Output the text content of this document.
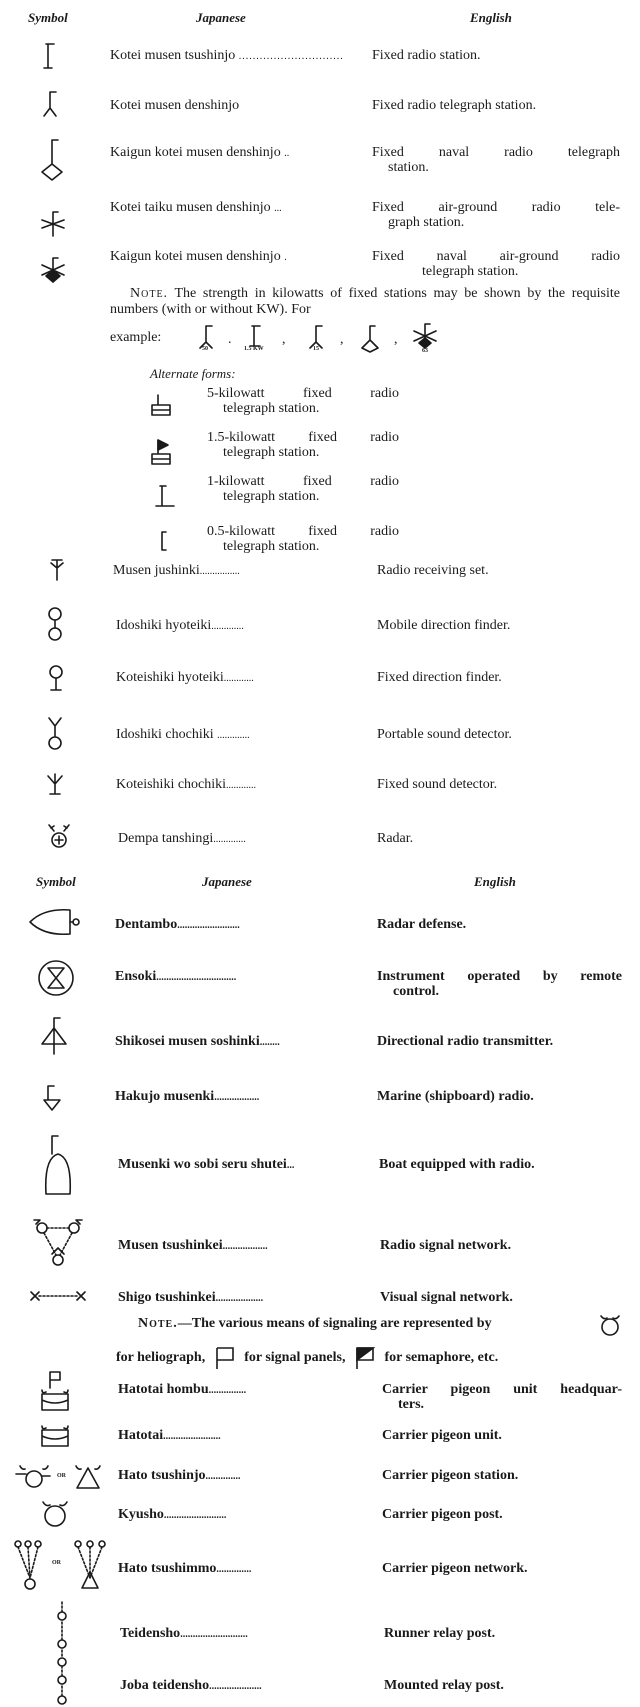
Symbol	Japanese	English
Kotei musen tsushinjo .............................. Fixed radio station.
Kotei musen denshinjo	Fixed radio telegraph station.
Kaigun kotei musen denshinjo ..	Fixed naval radio telegraph
station.
Kotei taiku musen denshinjo ...	Fixed air-ground radio tele-
graph station.
Kaigun kotei musen denshinjo .	Fixed naval air-ground radio
telegraph station.
Note. The strength in kilowatts of fixed stations may be shown by the requisite numbers (with or without KW). For
example:
50
.
1.5 KW
,
15
,	,
63
Alternate forms:
5-kilowatt fixed radio
telegraph station.
1.5-kilowatt fixed radio
telegraph station.
1-kilowatt fixed radio
telegraph station.
0.5-kilowatt fixed radio
telegraph station.
Musen jushinki................	Radio receiving set.
Idoshiki hyoteiki.............	Mobile direction finder.
Koteishiki hyoteiki............	Fixed direction finder.
Idoshiki chochiki .............	Portable sound detector.
Koteishiki chochiki............	Fixed sound detector.
Dempa tanshingi.............	Radar.
Symbol	Japanese	English
Dentambo.........................	Radar defense.
Ensoki................................	Instrument operated by remote
control.
Shikosei musen soshinki........	Directional radio transmitter.
Hakujo musenki..................	Marine (shipboard) radio.
Musenki wo sobi seru shutei...	Boat equipped with radio.
Musen tsushinkei..................	Radio signal network.
Shigo tsushinkei...................	Visual signal network.
Note.—The various means of signaling are represented by
for heliograph,	for signal panels,	for semaphore, etc.
Hatotai hombu...............	Carrier pigeon unit headquar-
ters.
Hatotai.......................	Carrier pigeon unit.
OR	Hato tsushinjo..............	Carrier pigeon station.
Kyusho.........................	Carrier pigeon post.
OR	Hato tsushimmo..............	Carrier pigeon network.
Teidensho...........................	Runner relay post.
Joba teidensho.....................	Mounted relay post.
